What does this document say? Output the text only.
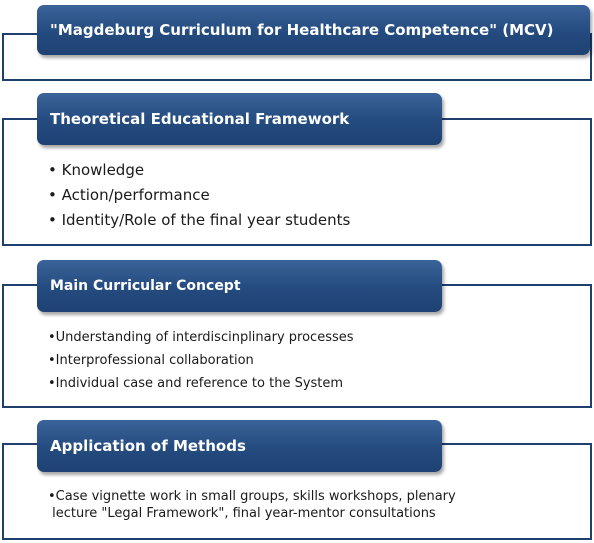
"Magdeburg Curriculum for Healthcare Competence" (MCV)
Theoretical Educational Framework
• Knowledge
• Action/performance
• Identity/Role of the final year students
Main Curricular Concept
•Understanding of interdiscinplinary processes
•Interprofessional collaboration
•Individual case and reference to the System
Application of Methods
•Case vignette work in small groups, skills workshops, plenary
lecture "Legal Framework", final year-mentor consultations
